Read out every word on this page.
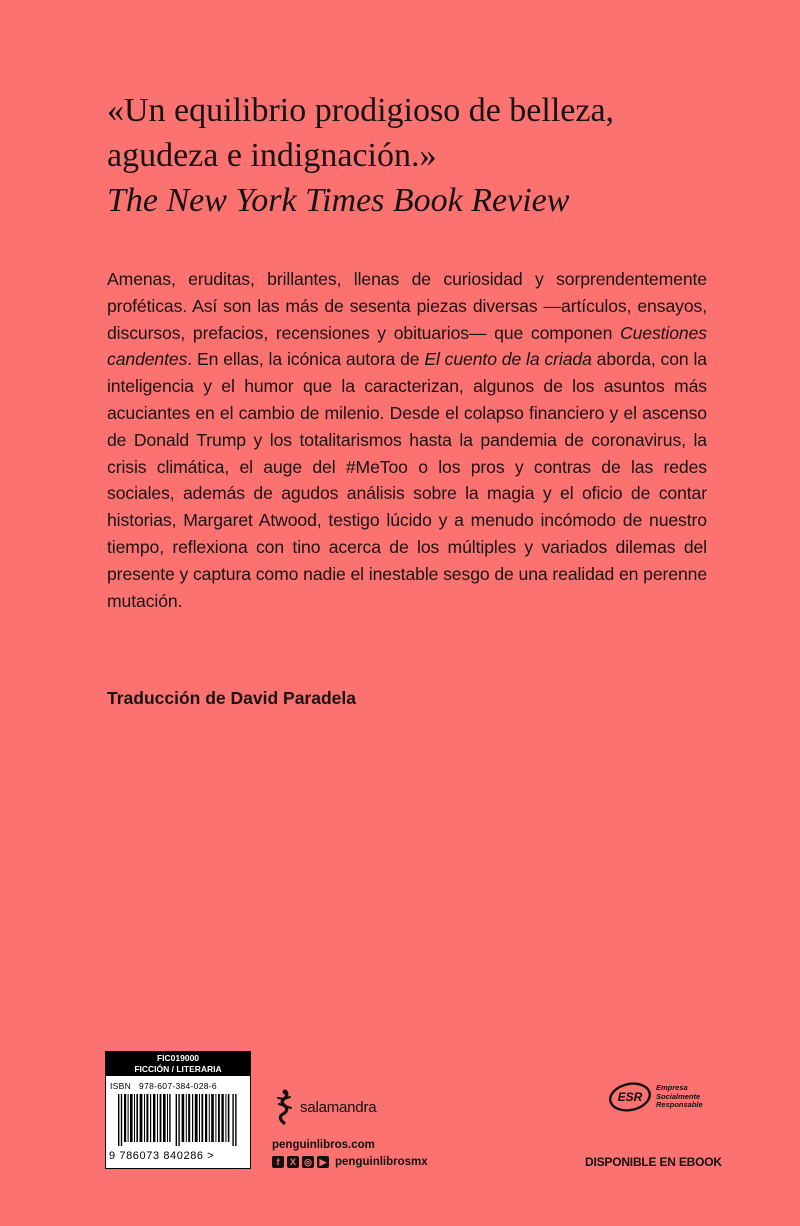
«Un equilibrio prodigioso de belleza,
agudeza e indignación.»
The New York Times Book Review
Amenas, eruditas, brillantes, llenas de curiosidad y sorprendentemente proféticas. Así son las más de sesenta piezas diversas —artículos, ensayos, discursos, prefacios, recensiones y obituarios— que componen Cuestiones candentes. En ellas, la icónica autora de El cuento de la criada aborda, con la inteligencia y el humor que la caracterizan, algunos de los asuntos más acuciantes en el cambio de milenio. Desde el colapso financiero y el ascenso de Donald Trump y los totalitarismos hasta la pandemia de coronavirus, la crisis climática, el auge del #MeToo o los pros y contras de las redes sociales, además de agudos análisis sobre la magia y el oficio de contar historias, Margaret Atwood, testigo lúcido y a menudo incómodo de nuestro tiempo, reflexiona con tino acerca de los múltiples y variados dilemas del presente y captura como nadie el inestable sesgo de una realidad en perenne mutación.
Traducción de David Paradela
FIC019000
FICCIÓN / LITERARIA
ISBN 978-607-384-028-6
9 786073 840286 >
salamandra
penguinlibros.com
f	X ◎ ▶ penguinlibrosmx
ESR
Empresa
Socialmente
Responsable
DISPONIBLE EN EBOOK
